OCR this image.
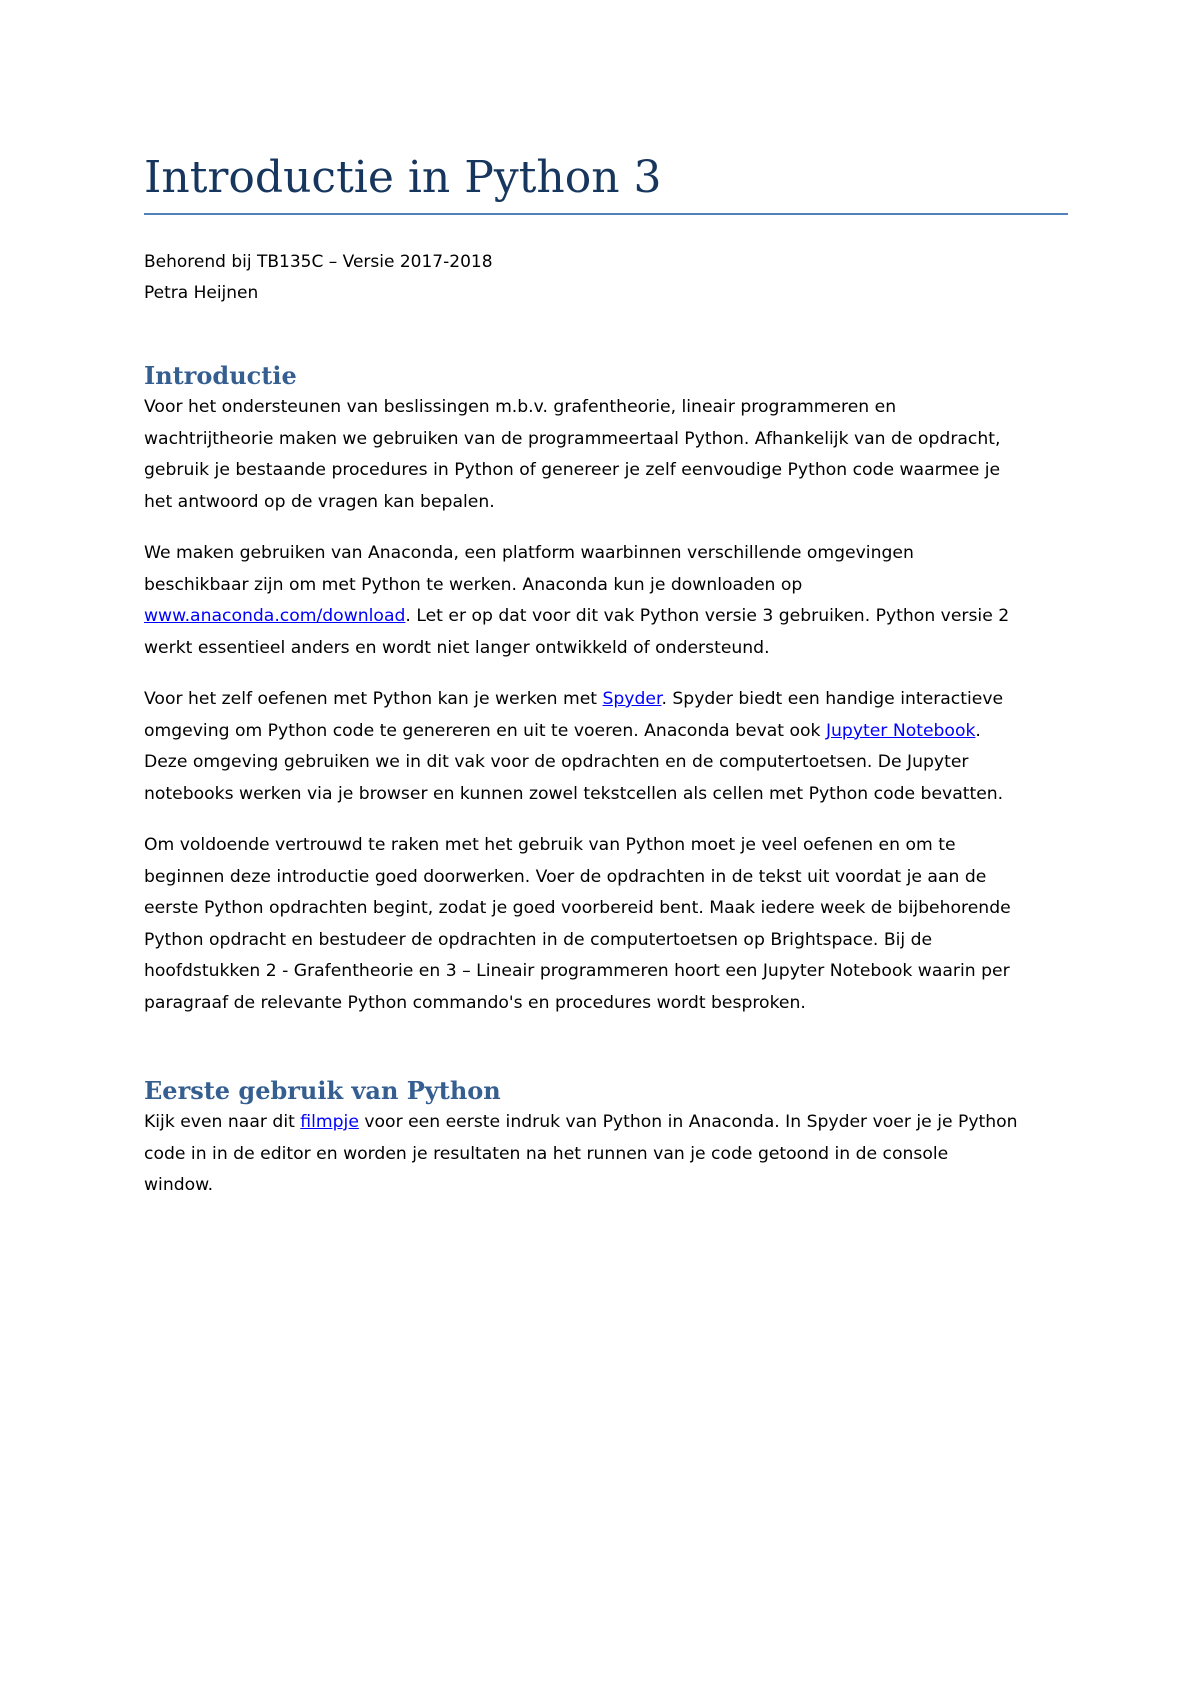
Introductie in Python 3
Behorend bij TB135C – Versie 2017-2018
Petra Heijnen
Introductie

Voor het ondersteunen van beslissingen m.b.v. grafentheorie, lineair programmeren en
wachtrijtheorie maken we gebruiken van de programmeertaal Python. Afhankelijk van de opdracht,
gebruik je bestaande procedures in Python of genereer je zelf eenvoudige Python code waarmee je
het antwoord op de vragen kan bepalen.

We maken gebruiken van Anaconda, een platform waarbinnen verschillende omgevingen
beschikbaar zijn om met Python te werken. Anaconda kun je downloaden op
www.anaconda.com/download. Let er op dat voor dit vak Python versie 3 gebruiken. Python versie 2
werkt essentieel anders en wordt niet langer ontwikkeld of ondersteund.

Voor het zelf oefenen met Python kan je werken met Spyder. Spyder biedt een handige interactieve
omgeving om Python code te genereren en uit te voeren. Anaconda bevat ook Jupyter Notebook.
Deze omgeving gebruiken we in dit vak voor de opdrachten en de computertoetsen. De Jupyter
notebooks werken via je browser en kunnen zowel tekstcellen als cellen met Python code bevatten.

Om voldoende vertrouwd te raken met het gebruik van Python moet je veel oefenen en om te
beginnen deze introductie goed doorwerken. Voer de opdrachten in de tekst uit voordat je aan de
eerste Python opdrachten begint, zodat je goed voorbereid bent. Maak iedere week de bijbehorende
Python opdracht en bestudeer de opdrachten in de computertoetsen op Brightspace. Bij de
hoofdstukken 2 - Grafentheorie en 3 – Lineair programmeren hoort een Jupyter Notebook waarin per
paragraaf de relevante Python commando's en procedures wordt besproken.

Eerste gebruik van Python

Kijk even naar dit filmpje voor een eerste indruk van Python in Anaconda. In Spyder voer je je Python
code in in de editor en worden je resultaten na het runnen van je code getoond in de console
window.
